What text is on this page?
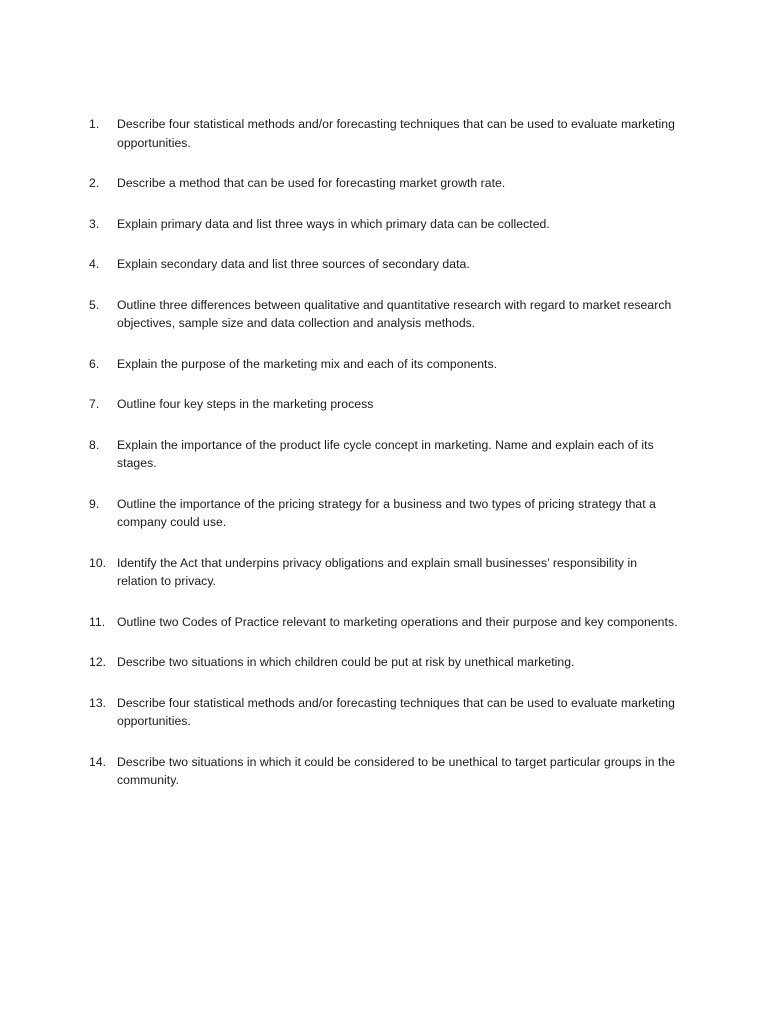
1.	Describe four statistical methods and/or forecasting techniques that can be used to evaluate marketing opportunities.
2.	Describe a method that can be used for forecasting market growth rate.
3.	Explain primary data and list three ways in which primary data can be collected.
4.	Explain secondary data and list three sources of secondary data.
5.	Outline three differences between qualitative and quantitative research with regard to market research objectives, sample size and data collection and analysis methods.
6.	Explain the purpose of the marketing mix and each of its components.
7.	Outline four key steps in the marketing process
8.	Explain the importance of the product life cycle concept in marketing. Name and explain each of its stages.
9.	Outline the importance of the pricing strategy for a business and two types of pricing strategy that a company could use.
10. Identify the Act that underpins privacy obligations and explain small businesses’ responsibility in relation to privacy.
11. Outline two Codes of Practice relevant to marketing operations and their purpose and key components.
12. Describe two situations in which children could be put at risk by unethical marketing.
13. Describe four statistical methods and/or forecasting techniques that can be used to evaluate marketing opportunities.
14. Describe two situations in which it could be considered to be unethical to target particular groups in the community.
